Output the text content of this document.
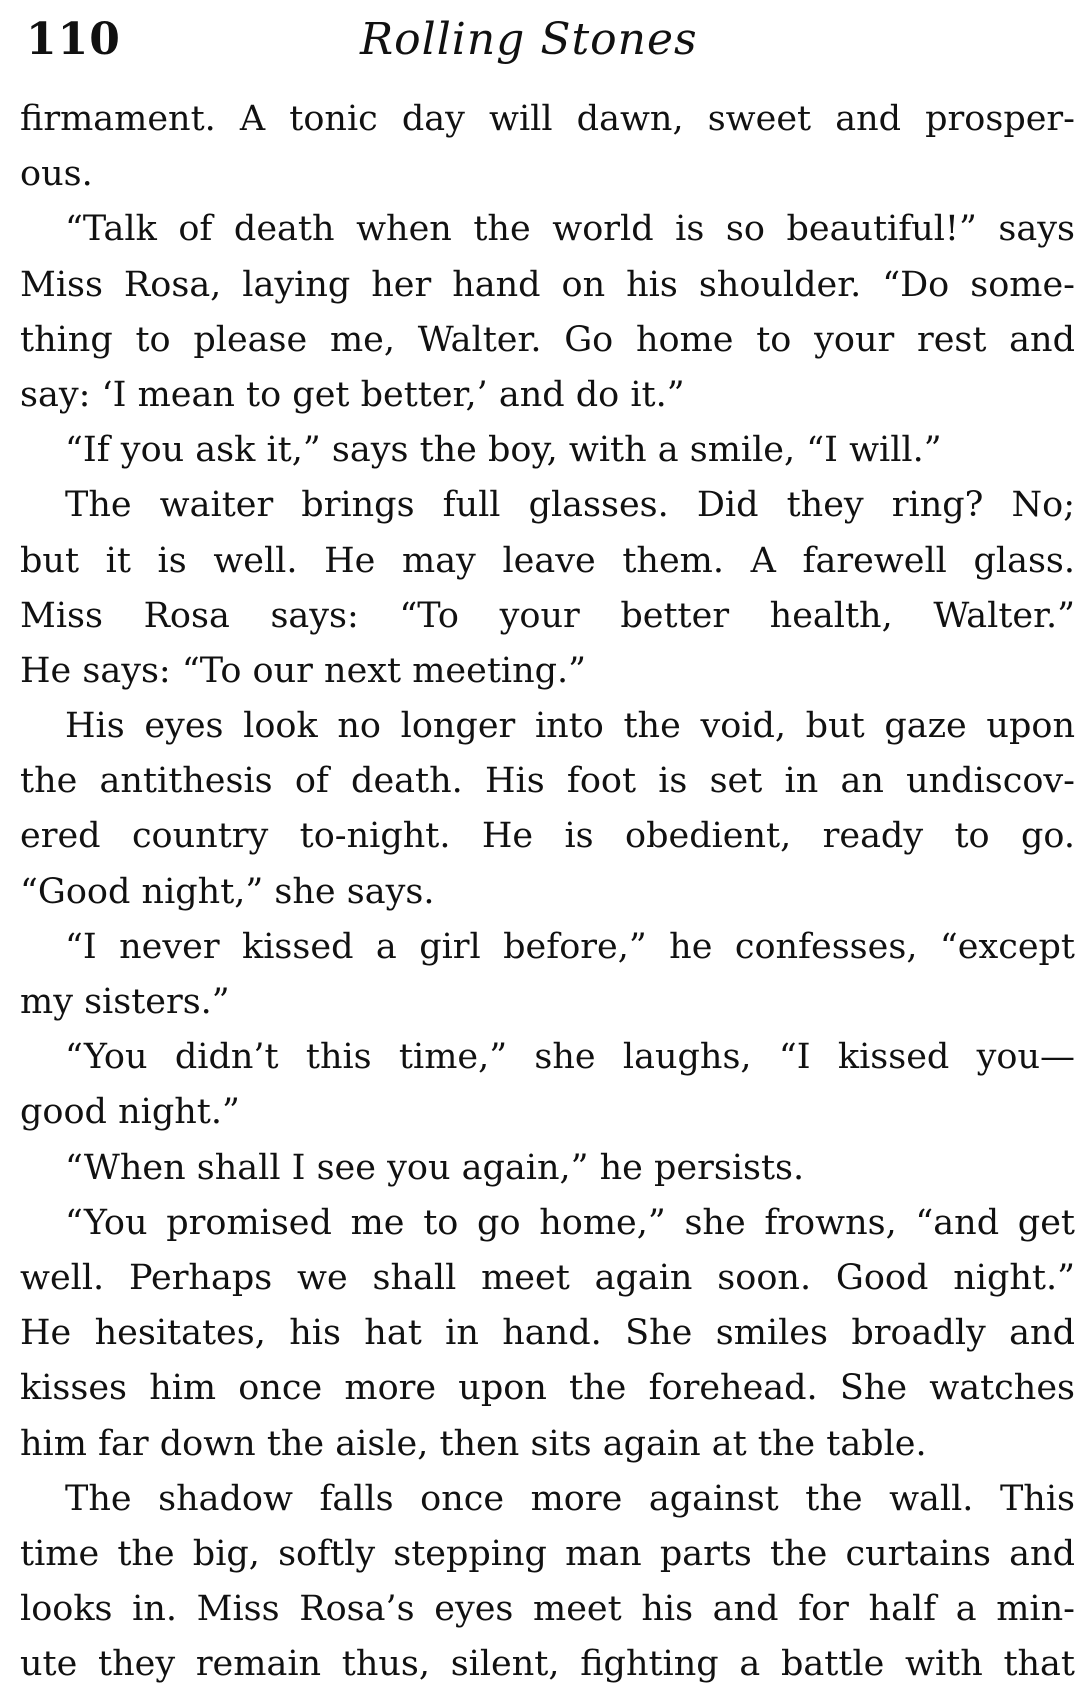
110	Rolling Stones
firmament. A tonic day will dawn, sweet and prosper-
ous.
“Talk of death when the world is so beautiful!” says
Miss Rosa, laying her hand on his shoulder. “Do some-
thing to please me, Walter. Go home to your rest and
say: ‘I mean to get better,’ and do it.”
“If you ask it,” says the boy, with a smile, “I will.”
The waiter brings full glasses. Did they ring? No;
but it is well. He may leave them. A farewell glass.
Miss Rosa says: “To your better health, Walter.”
He says: “To our next meeting.”
His eyes look no longer into the void, but gaze upon
the antithesis of death. His foot is set in an undiscov-
ered country to-night. He is obedient, ready to go.
“Good night,” she says.
“I never kissed a girl before,” he confesses, “except
my sisters.”
“You didn’t this time,” she laughs, “I kissed you—
good night.”
“When shall I see you again,” he persists.
“You promised me to go home,” she frowns, “and get
well. Perhaps we shall meet again soon. Good night.”
He hesitates, his hat in hand. She smiles broadly and
kisses him once more upon the forehead. She watches
him far down the aisle, then sits again at the table.
The shadow falls once more against the wall. This
time the big, softly stepping man parts the curtains and
looks in. Miss Rosa’s eyes meet his and for half a min-
ute they remain thus, silent, fighting a battle with that
